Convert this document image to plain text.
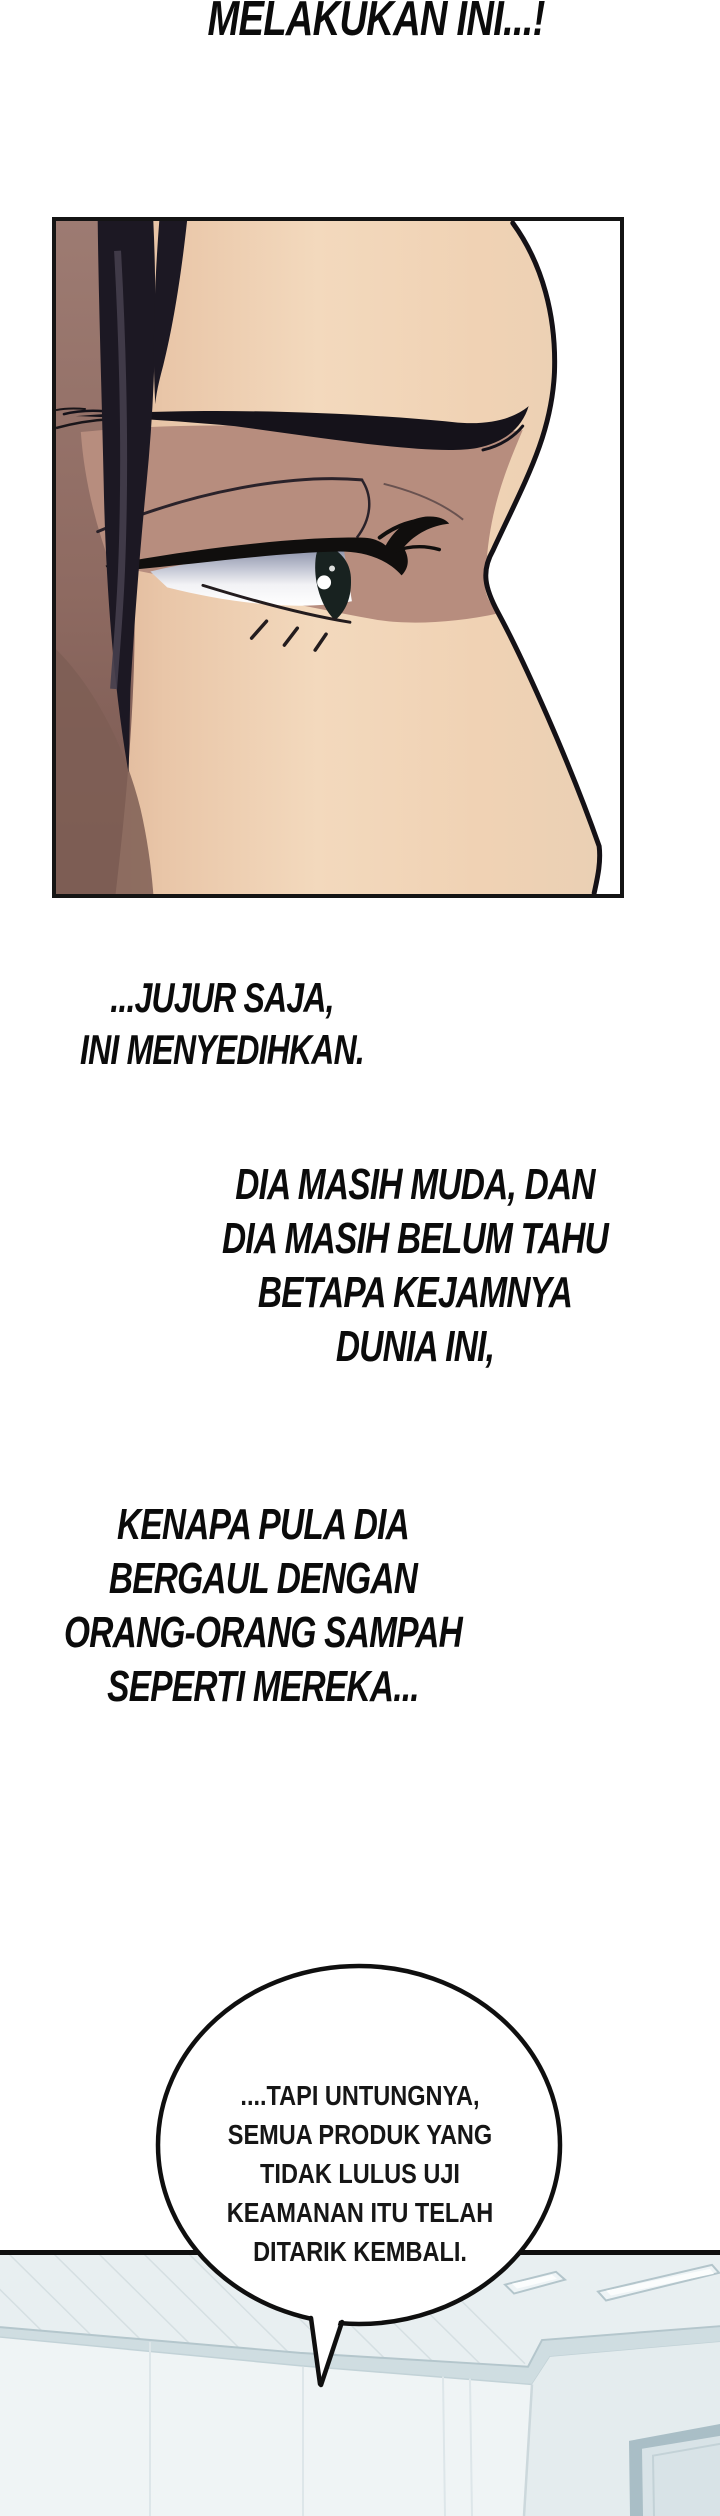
MELAKUKAN INI...!
...JUJUR SAJA,
INI MENYEDIHKAN.
DIA MASIH MUDA, DAN
DIA MASIH BELUM TAHU
BETAPA KEJAMNYA
DUNIA INI,
KENAPA PULA DIA
BERGAUL DENGAN
ORANG-ORANG SAMPAH
SEPERTI MEREKA...
....TAPI UNTUNGNYA,
SEMUA PRODUK YANG
TIDAK LULUS UJI
KEAMANAN ITU TELAH
DITARIK KEMBALI.
